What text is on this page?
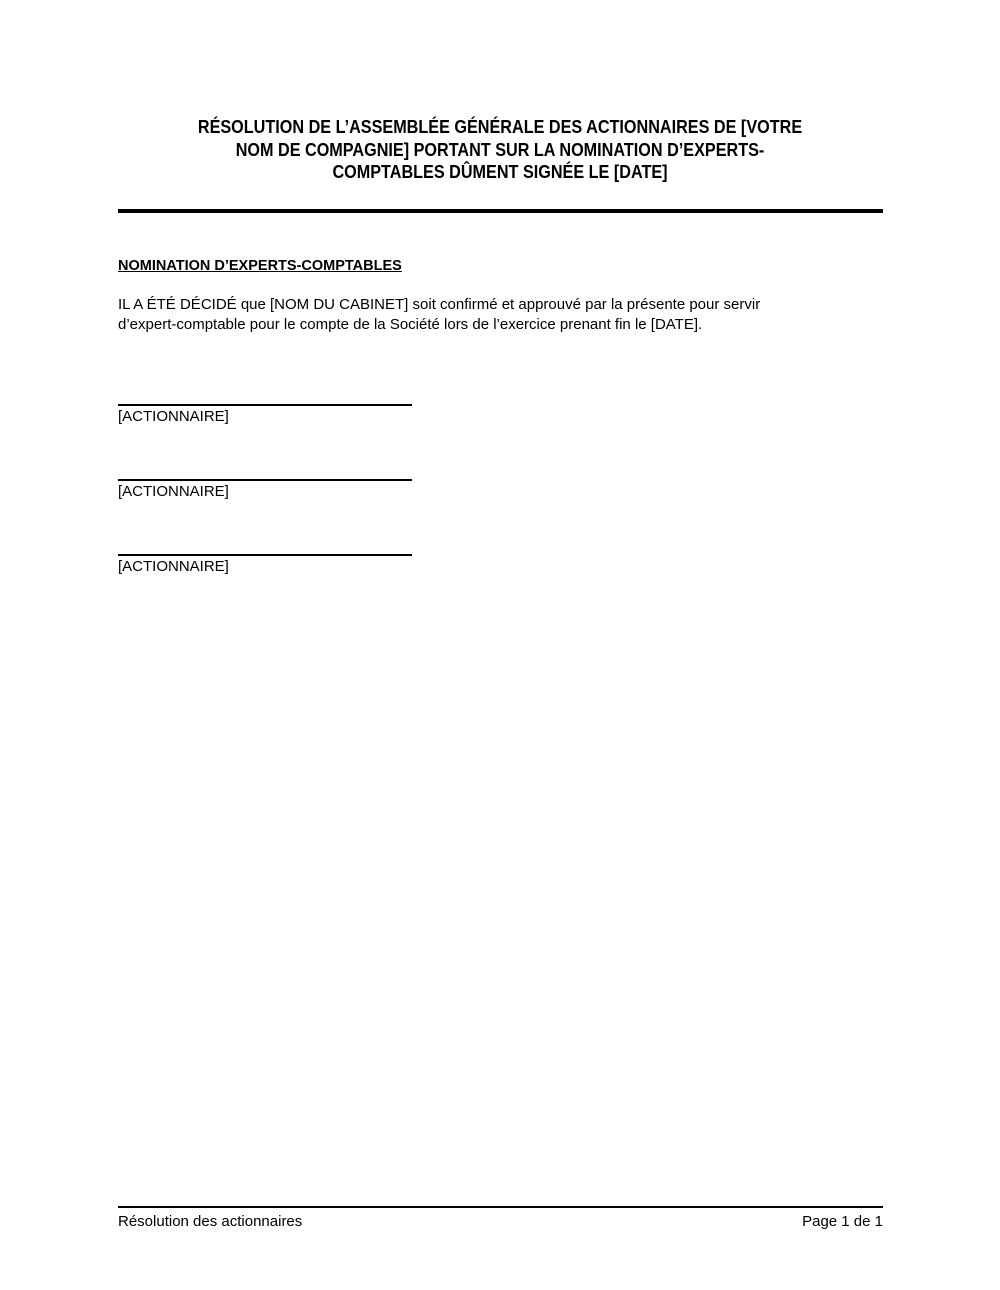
RÉSOLUTION DE L’ASSEMBLÉE GÉNÉRALE DES ACTIONNAIRES DE [VOTRE
NOM DE COMPAGNIE] PORTANT SUR LA NOMINATION D’EXPERTS-
COMPTABLES DÛMENT SIGNÉE LE [DATE]
NOMINATION D’EXPERTS-COMPTABLES
IL A ÉTÉ DÉCIDÉ que [NOM DU CABINET] soit confirmé et approuvé par la présente pour servir
d’expert-comptable pour le compte de la Société lors de l’exercice prenant fin le [DATE].
[ACTIONNAIRE]
[ACTIONNAIRE]
[ACTIONNAIRE]
Résolution des actionnaires	Page 1 de 1
